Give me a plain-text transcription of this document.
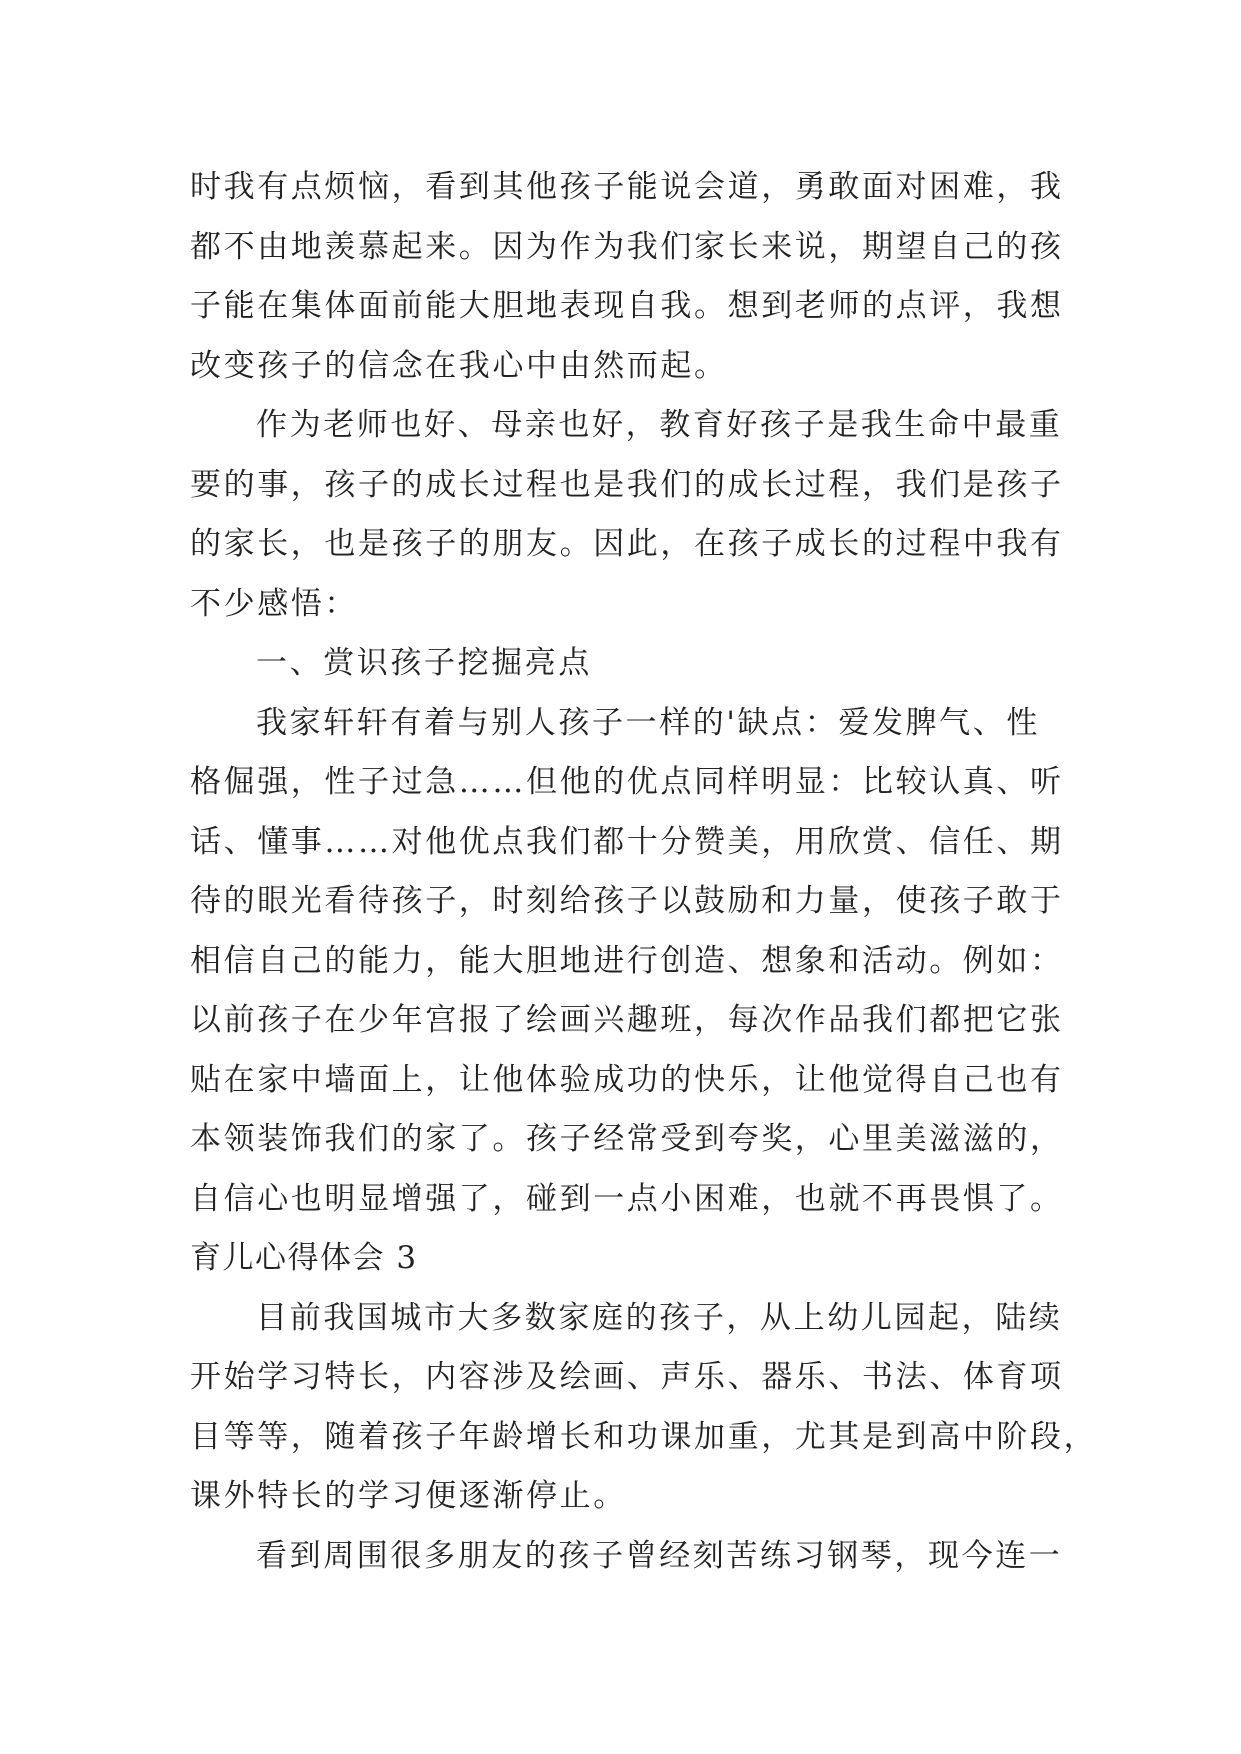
时我有点烦恼，看到其他孩子能说会道，勇敢面对困难，我
都不由地羡慕起来。因为作为我们家长来说，期望自己的孩
子能在集体面前能大胆地表现自我。想到老师的点评，我想
改变孩子的信念在我心中由然而起。
作为老师也好、母亲也好，教育好孩子是我生命中最重
要的事，孩子的成长过程也是我们的成长过程，我们是孩子
的家长，也是孩子的朋友。因此，在孩子成长的过程中我有
不少感悟：
一、赏识孩子挖掘亮点
我家轩轩有着与别人孩子一样的'缺点：爱发脾气、性
格倔强，性子过急……但他的优点同样明显：比较认真、听
话、懂事……对他优点我们都十分赞美，用欣赏、信任、期
待的眼光看待孩子，时刻给孩子以鼓励和力量，使孩子敢于
相信自己的能力，能大胆地进行创造、想象和活动。例如：
以前孩子在少年宫报了绘画兴趣班，每次作品我们都把它张
贴在家中墙面上，让他体验成功的快乐，让他觉得自己也有
本领装饰我们的家了。孩子经常受到夸奖，心里美滋滋的，
自信心也明显增强了，碰到一点小困难，也就不再畏惧了。
育儿心得体会 3
目前我国城市大多数家庭的孩子，从上幼儿园起，陆续
开始学习特长，内容涉及绘画、声乐、器乐、书法、体育项
目等等，随着孩子年龄增长和功课加重，尤其是到高中阶段，
课外特长的学习便逐渐停止。
看到周围很多朋友的孩子曾经刻苦练习钢琴，现今连一
